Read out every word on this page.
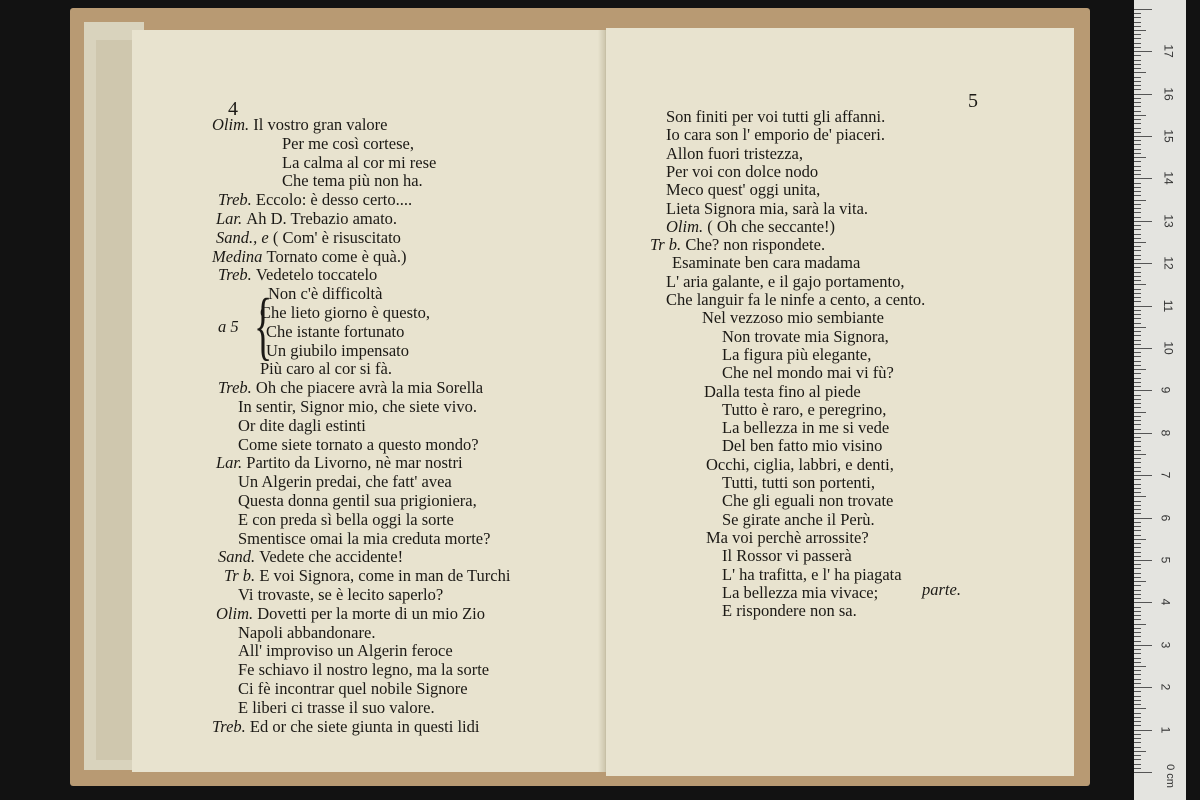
4
Olim. Il vostro gran valore
Per me così cortese,
La calma al cor mi rese
Che tema più non ha.
Treb. Eccolo: è desso certo....
Lar. Ah D. Trebazio amato.
Sand., e ( Com' è risuscitato
Medina Tornato come è quà.)
Treb. Vedetelo toccatelo
Non c'è difficoltà
Che lieto giorno è questo,
Che istante fortunato
Un giubilo impensato
Più caro al cor si fà.
Treb. Oh che piacere avrà la mia Sorella
In sentir, Signor mio, che siete vivo.
Or dite dagli estinti
Come siete tornato a questo mondo?
Lar. Partito da Livorno, nè mar nostri
Un Algerin predai, che fatt' avea
Questa donna gentil sua prigioniera,
E con preda sì bella oggi la sorte
Smentisce omai la mia creduta morte?
Sand. Vedete che accidente!
Tr b. E voi Signora, come in man de Turchi
Vi trovaste, se è lecito saperlo?
Olim. Dovetti per la morte di un mio Zio
Napoli abbandonare.
All' improviso un Algerin feroce
Fe schiavo il nostro legno, ma la sorte
Ci fè incontrar quel nobile Signore
E liberi ci trasse il suo valore.
Treb. Ed or che siete giunta in questi lidi
{
a 5
5
Son finiti per voi tutti gli affanni.
Io cara son l' emporio de' piaceri.
Allon fuori tristezza,
Per voi con dolce nodo
Meco quest' oggi unita,
Lieta Signora mia, sarà la vita.
Olim. ( Oh che seccante!)
Tr b. Che? non rispondete.
Esaminate ben cara madama
L' aria galante, e il gajo portamento,
Che languir fa le ninfe a cento, a cento.
Nel vezzoso mio sembiante
Non trovate mia Signora,
La figura più elegante,
Che nel mondo mai vi fù?
Dalla testa fino al piede
Tutto è raro, e peregrino,
La bellezza in me si vede
Del ben fatto mio visino
Occhi, ciglia, labbri, e denti,
Tutti, tutti son portenti,
Che gli eguali non trovate
Se girate anche il Perù.
Ma voi perchè arrossite?
Il Rossor vi passerà
L' ha trafitta, e l' ha piagata
La bellezza mia vivace;
E rispondere non sa.
parte.
17
16
15
14
13
12
11
10
9
8
7
6
5
4
3
2
1
0 cm
